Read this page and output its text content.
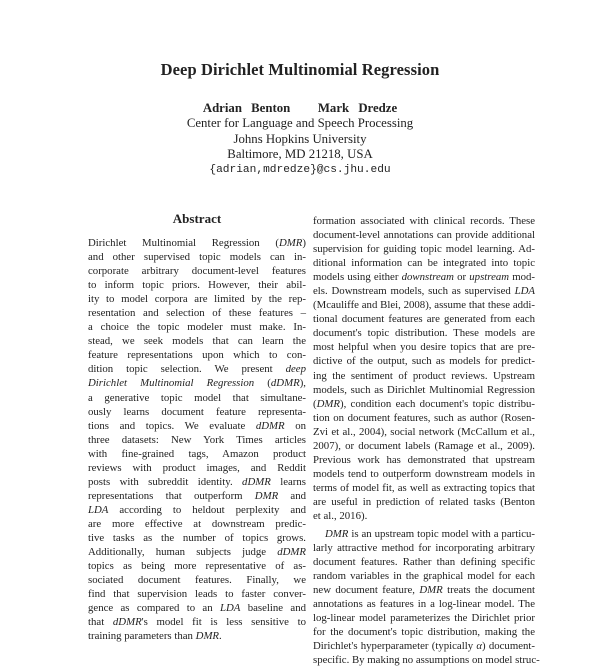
Deep Dirichlet Multinomial Regression
Adrian Benton   Mark Dredze
Center for Language and Speech Processing
Johns Hopkins University
Baltimore, MD 21218, USA
{adrian,mdredze}@cs.jhu.edu
Abstract

Dirichlet Multinomial Regression (DMR)
and other supervised topic models can in-
corporate arbitrary document-level features
to inform topic priors. However, their abil-
ity to model corpora are limited by the rep-
resentation and selection of these features –
a choice the topic modeler must make. In-
stead, we seek models that can learn the
feature representations upon which to con-
dition topic selection. We present deep
Dirichlet Multinomial Regression (dDMR),
a generative topic model that simultane-
ously learns document feature representa-
tions and topics. We evaluate dDMR on
three datasets: New York Times articles
with fine-grained tags, Amazon product
reviews with product images, and Reddit
posts with subreddit identity. dDMR learns
representations that outperform DMR and
LDA according to heldout perplexity and
are more effective at downstream predic-
tive tasks as the number of topics grows.
Additionally, human subjects judge dDMR
topics as being more representative of as-
sociated document features. Finally, we
find that supervision leads to faster conver-
gence as compared to an LDA baseline and
that dDMR's model fit is less sensitive to
training parameters than DMR.

formation associated with clinical records. These
document-level annotations can provide additional
supervision for guiding topic model learning. Ad-
ditional information can be integrated into topic
models using either downstream or upstream mod-
els. Downstream models, such as supervised LDA
(Mcauliffe and Blei, 2008), assume that these addi-
tional document features are generated from each
document's topic distribution. These models are
most helpful when you desire topics that are pre-
dictive of the output, such as models for predict-
ing the sentiment of product reviews. Upstream
models, such as Dirichlet Multinomial Regression
(DMR), condition each document's topic distribu-
tion on document features, such as author (Rosen-
Zvi et al., 2004), social network (McCallum et al.,
2007), or document labels (Ramage et al., 2009).
Previous work has demonstrated that upstream
models tend to outperform downstream models in
terms of model fit, as well as extracting topics that
are useful in prediction of related tasks (Benton
et al., 2016).

DMR is an upstream topic model with a particu-
larly attractive method for incorporating arbitrary
document features. Rather than defining specific
random variables in the graphical model for each
new document feature, DMR treats the document
annotations as features in a log-linear model. The
log-linear model parameterizes the Dirichlet prior
for the document's topic distribution, making the
Dirichlet's hyperparameter (typically α) document-
specific. By making no assumptions on model struc-
